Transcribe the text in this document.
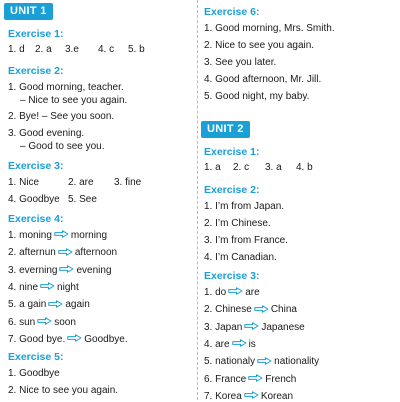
UNIT 1
Exercise 1:
1. d 2. a 3.e 4. c 5. b
Exercise 2:
1. Good morning, teacher.
– Nice to see you again.
2. Bye! – See you soon.
3. Good evening.
– Good to see you.
Exercise 3:
1. Nice	2. are 3. fine
4. Goodbye 5. See
Exercise 4:
1. moning morning
2. afternun afternoon
3. everning evening
4. nine night
5. a gain again
6. sun soon
7. Good bye. Goodbye.
Exercise 5:
1. Goodbye
2. Nice to see you again.
Exercise 6:
1. Good morning, Mrs. Smith.
2. Nice to see you again.
3. See you later.
4. Good afternoon, Mr. Jill.
5. Good night, my baby.
UNIT 2
Exercise 1:
1. a 2. c 3. a 4. b
Exercise 2:
1. I’m from Japan.
2. I’m Chinese.
3. I’m from France.
4. I’m Canadian.
Exercise 3:
1. do are
2. Chinese China
3. Japan Japanese
4. are is
5. nationaly nationality
6. France French
7. Korea Korean
